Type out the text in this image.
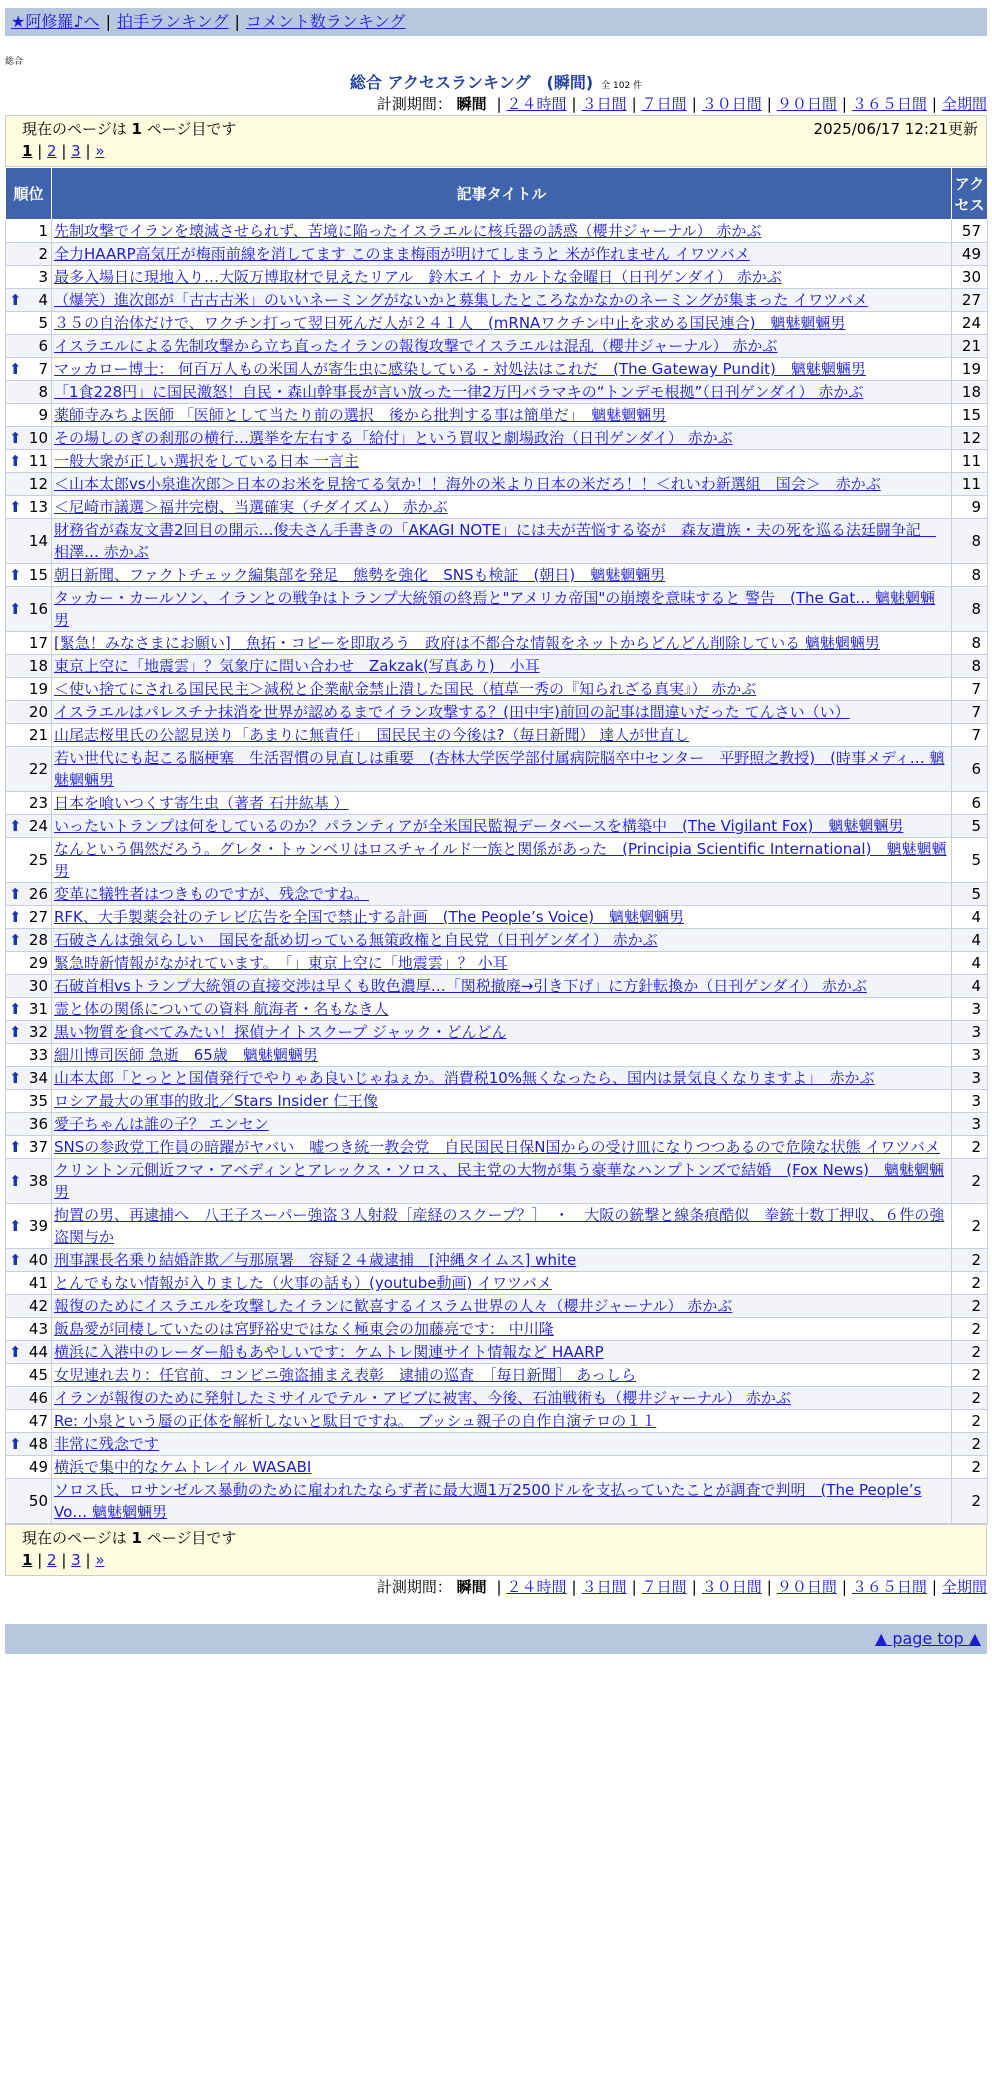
★阿修羅♪へ | 拍手ランキング | コメント数ランキング
総合
総合 アクセスランキング　(瞬間) 全 102 件
計測期間： 瞬間 | ２４時間 | ３日間 | ７日間 | ３０日間 | ９０日間 | ３６５日間 | 全期間
現在のページは 1 ページ目です	2025/06/17 12:21更新
1 | 2 | 3 | »
順位	記事タイトル	アクセス
1	先制攻撃でイランを壊滅させられず、苦境に陥ったイスラエルに核兵器の誘惑（櫻井ジャーナル） 赤かぶ	57
2	全力HAARP高気圧が梅雨前線を消してます このまま梅雨が明けてしまうと 米が作れません イワツバメ	49
3	最多入場日に現地入り…大阪万博取材で見えたリアル　鈴木エイト カルトな金曜日（日刊ゲンダイ） 赤かぶ	30

⬆ 4	（爆笑）進次郎が「古古古米」のいいネーミングがないかと募集したところなかなかのネーミングが集まった イワツバメ	27
5	３５の自治体だけで、ワクチン打って翌日死んだ人が２４１人　(mRNAワクチン中止を求める国民連合)　魑魅魍魎男	24
6	イスラエルによる先制攻撃から立ち直ったイランの報復攻撃でイスラエルは混乱（櫻井ジャーナル） 赤かぶ	21

⬆ 7	マッカロー博士： 何百万人もの米国人が寄生虫に感染している - 対処法はこれだ　(The Gateway Pundit)　魑魅魍魎男	19
8	「1食228円」に国民激怒！自民・森山幹事長が言い放った一律2万円バラマキの“トンデモ根拠”（日刊ゲンダイ） 赤かぶ	18
9	薬師寺みちよ医師 「医師として当たり前の選択　後から批判する事は簡単だ」　魑魅魍魎男	15

⬆ 10	その場しのぎの刹那の横行…選挙を左右する「給付」という買収と劇場政治（日刊ゲンダイ） 赤かぶ	12

⬆ 11	一般大衆が正しい選択をしている日本 一言主	11
12	＜山本太郎vs小泉進次郎＞日本のお米を見捨てる気か！！海外の米より日本の米だろ！！＜れいわ新選組　国会＞　赤かぶ	11

⬆ 13	＜尼崎市議選＞福井完樹、当選確実（チダイズム） 赤かぶ	9
14	財務省が森友文書2回目の開示…俊夫さん手書きの「AKAGI NOTE」には夫が苦悩する姿が　森友遺族・夫の死を巡る法廷闘争記　相澤… 赤かぶ	8

⬆ 15	朝日新聞、ファクトチェック編集部を発足　態勢を強化　SNSも検証　(朝日)　魑魅魍魎男	8

⬆ 16	タッカー・カールソン、イランとの戦争はトランプ大統領の終焉と"アメリカ帝国"の崩壊を意味すると 警告　(The Gat… 魑魅魍魎男	8
17	[緊急！みなさまにお願い]　魚拓・コピーを即取ろう　政府は不都合な情報をネットからどんどん削除している 魑魅魍魎男	8
18	東京上空に「地震雲」？気象庁に問い合わせ　Zakzak(写真あり)　小耳	8
19	＜使い捨てにされる国民民主＞減税と企業献金禁止潰した国民（植草一秀の『知られざる真実』） 赤かぶ	7
20	イスラエルはパレスチナ抹消を世界が認めるまでイラン攻撃する？(田中宇)前回の記事は間違いだった てんさい（い）	7
21	山尾志桜里氏の公認見送り「あまりに無責任」　国民民主の今後は?（毎日新聞） 達人が世直し	7
22	若い世代にも起こる脳梗塞　生活習慣の見直しは重要　(杏林大学医学部付属病院脳卒中センター　平野照之教授)　(時事メディ… 魑魅魍魎男	6
23	日本を喰いつくす寄生虫（著者 石井紘基 ）	6

⬆ 24	いったいトランプは何をしているのか？パランティアが全米国民監視データベースを構築中　(The Vigilant Fox)　魑魅魍魎男	5
25	なんという偶然だろう。グレタ・トゥンベリはロスチャイルド一族と関係があった　(Principia Scientific International)　魑魅魍魎男	5

⬆ 26	変革に犠牲者はつきものですが、残念ですね。	5

⬆ 27	RFK、大手製薬会社のテレビ広告を全国で禁止する計画　(The People’s Voice)　魑魅魍魎男	4

⬆ 28	石破さんは強気らしい　国民を舐め切っている無策政権と自民党（日刊ゲンダイ） 赤かぶ	4
29	緊急時新情報がながれています。　「」東京上空に「地震雲」？ 小耳	4
30	石破首相vsトランプ大統領の直接交渉は早くも敗色濃厚…「関税撤廃→引き下げ」に方針転換か（日刊ゲンダイ） 赤かぶ	4

⬆ 31	霊と体の関係についての資料 航海者・名もなき人	3

⬆ 32	黒い物質を食べてみたい！探偵ナイトスクープ ジャック・どんどん	3
33	細川博司医師 急逝　65歳　魑魅魍魎男	3

⬆ 34	山本太郎「とっとと国債発行でやりゃあ良いじゃねぇか。消費税10%無くなったら、国内は景気良くなりますよ」　赤かぶ	3
35	ロシア最大の軍事的敗北／Stars Insider 仁王像	3
36	愛子ちゃんは誰の子？ エンセン	3

⬆ 37	SNSの参政党工作員の暗躍がヤバい　嘘つき統一教会党　自民国民日保N国からの受け皿になりつつあるので危険な状態 イワツバメ	2

⬆ 38	クリントン元側近フマ・アベディンとアレックス・ソロス、民主党の大物が集う豪華なハンプトンズで結婚　(Fox News)　魑魅魍魎男	2

⬆ 39	拘置の男、再逮捕へ　八王子スーパー強盗３人射殺［産経のスクープ？］　・　大阪の銃撃と線条痕酷似　拳銃十数丁押収、６件の強盗関与か	2

⬆ 40	刑事課長名乗り結婚詐欺／与那原署　容疑２４歳逮捕　[沖縄タイムス] white	2
41	とんでもない情報が入りました（火事の話も）(youtube動画) イワツバメ	2
42	報復のためにイスラエルを攻撃したイランに歓喜するイスラム世界の人々（櫻井ジャーナル） 赤かぶ	2
43	飯島愛が同棲していたのは宮野裕史ではなく極東会の加藤亮です： 中川隆	2

⬆ 44	横浜に入港中のレーダー船もあやしいです：ケムトレ関連サイト情報など HAARP	2
45	女児連れ去り：任官前、コンビニ強盗捕まえ表彰　逮捕の巡査　［毎日新聞］ あっしら	2
46	イランが報復のために発射したミサイルでテル・アビブに被害、今後、石油戦術も（櫻井ジャーナル） 赤かぶ	2
47	Re: 小泉という蜃の正体を解析しないと駄目ですね。 ブッシュ親子の自作自演テロの１１	2

⬆ 48	非常に残念です	2
49	横浜で集中的なケムトレイル WASABI	2
50	ソロス氏、ロサンゼルス暴動のために雇われたならず者に最大週1万2500ドルを支払っていたことが調査で判明　(The People’s Vo… 魑魅魍魎男	2
現在のページは 1 ページ目です
1 | 2 | 3 | »
計測期間： 瞬間 | ２４時間 | ３日間 | ７日間 | ３０日間 | ９０日間 | ３６５日間 | 全期間
▲ page top ▲
